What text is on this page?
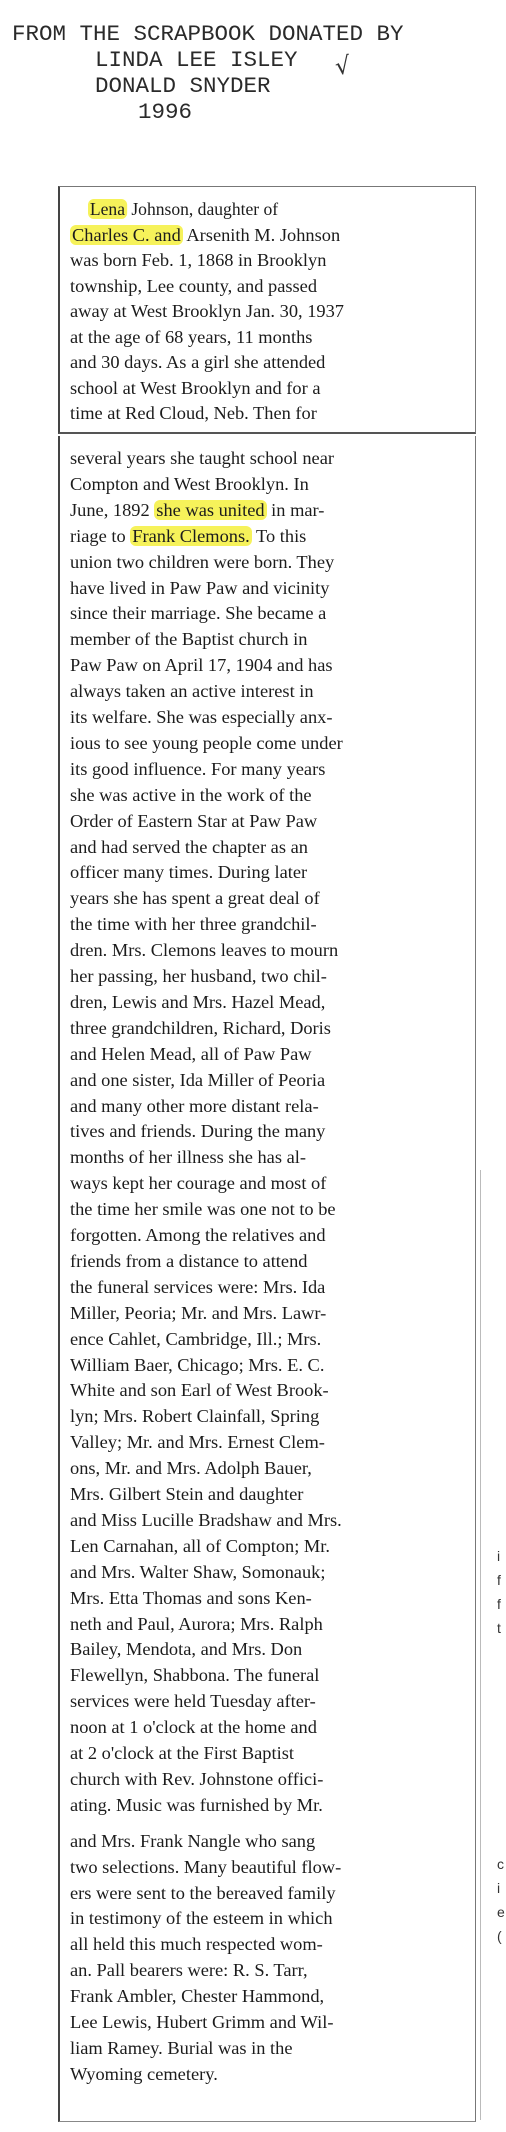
FROM THE SCRAPBOOK DONATED BY
LINDA LEE ISLEY √
DONALD SNYDER
1996
Lena Johnson, daughter of
Charles C. and Arsenith M. Johnson
was born Feb. 1, 1868 in Brooklyn
township, Lee county, and passed
away at West Brooklyn Jan. 30, 1937
at the age of 68 years, 11 months
and 30 days. As a girl she attended
school at West Brooklyn and for a
time at Red Cloud, Neb. Then for
several years she taught school near
Compton and West Brooklyn. In
June, 1892 she was united in mar-
riage to Frank Clemons. To this
union two children were born. They
have lived in Paw Paw and vicinity
since their marriage. She became a
member of the Baptist church in
Paw Paw on April 17, 1904 and has
always taken an active interest in
its welfare. She was especially anx-
ious to see young people come under
its good influence. For many years
she was active in the work of the
Order of Eastern Star at Paw Paw
and had served the chapter as an
officer many times. During later
years she has spent a great deal of
the time with her three grandchil-
dren. Mrs. Clemons leaves to mourn
her passing, her husband, two chil-
dren, Lewis and Mrs. Hazel Mead,
three grandchildren, Richard, Doris
and Helen Mead, all of Paw Paw
and one sister, Ida Miller of Peoria
and many other more distant rela-
tives and friends. During the many
months of her illness she has al-
ways kept her courage and most of
the time her smile was one not to be
forgotten. Among the relatives and
friends from a distance to attend
the funeral services were: Mrs. Ida
Miller, Peoria; Mr. and Mrs. Lawr-
ence Cahlet, Cambridge, Ill.; Mrs.
William Baer, Chicago; Mrs. E. C.
White and son Earl of West Brook-
lyn; Mrs. Robert Clainfall, Spring
Valley; Mr. and Mrs. Ernest Clem-
ons, Mr. and Mrs. Adolph Bauer,
Mrs. Gilbert Stein and daughter
and Miss Lucille Bradshaw and Mrs.
Len Carnahan, all of Compton; Mr.
and Mrs. Walter Shaw, Somonauk;
Mrs. Etta Thomas and sons Ken-
neth and Paul, Aurora; Mrs. Ralph
Bailey, Mendota, and Mrs. Don
Flewellyn, Shabbona. The funeral
services were held Tuesday after-
noon at 1 o'clock at the home and
at 2 o'clock at the First Baptist
church with Rev. Johnstone offici-
ating. Music was furnished by Mr.
and Mrs. Frank Nangle who sang
two selections. Many beautiful flow-
ers were sent to the bereaved family
in testimony of the esteem in which
all held this much respected wom-
an. Pall bearers were: R. S. Tarr,
Frank Ambler, Chester Hammond,
Lee Lewis, Hubert Grimm and Wil-
liam Ramey. Burial was in the
Wyoming cemetery.
i
f
f
t
c
i
e
(
